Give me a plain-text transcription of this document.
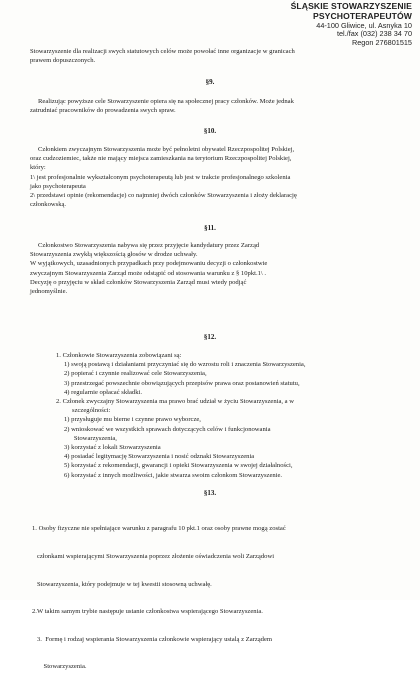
ŚLĄSKIE STOWARZYSZENIE
PSYCHOTERAPEUTÓW
44-100 Gliwice, ul. Asnyka 10
tel./fax (032) 238 34 70
Regon 276801515
Stowarzyszenie dla realizacji swych statutowych celów może powołać inne organizacje w granicach
prawem dopuszczonych.
§9.
Realizując powyższe cele Stowarzyszenie opiera się na społecznej pracy członków. Może jednak
zatrudniać pracowników do prowadzenia swych spraw.
§10.
Członkiem zwyczajnym Stowarzyszenia może być pełnoletni obywatel Rzeczpospolitej Polskiej,
oraz cudzoziemiec, także nie mający miejsca zamieszkania na terytorium Rzeczpospolitej Polskiej,
który:
1\ jest profesjonalnie wykształconym psychoterapeutą lub jest w trakcie profesjonalnego szkolenia
jako psychoterapeuta
2\ przedstawi opinie (rekomendacje) co najmniej dwóch członków Stowarzyszenia i złoży deklarację
członkowską.
§11.
Członkostwo Stowarzyszenia nabywa się przez przyjęcie kandydatury przez Zarząd
Stowarzyszenia zwykłą większością głosów w drodze uchwały.
W wyjątkowych, uzasadnionych przypadkach przy podejmowaniu decyzji o członkostwie
zwyczajnym Stowarzyszenia Zarząd może odstąpić od stosowania warunku z § 10pkt.1\ .
Decyzję o przyjęciu w skład członków Stowarzyszenia Zarząd musi wtedy podjąć
jednomyślnie.
§12.
1. Członkowie Stowarzyszenia zobowiązani są:
1) swoją postawą i działaniami przyczyniać się do wzrostu roli i znaczenia Stowarzyszenia,
2) popierać i czynnie realizować cele Stowarzyszenia,
3) przestrzegać powszechnie obowiązujących przepisów prawa oraz postanowień statutu,
4) regularnie opłacać składki.
2. Członek zwyczajny Stowarzyszenia ma prawo brać udział w życiu Stowarzyszenia, a w
szczególności:
1) przysługuje mu bierne i czynne prawo wyborcze,
2) wnioskować we wszystkich sprawach dotyczących celów i funkcjonowania
Stowarzyszenia,
3) korzystać z lokali Stowarzyszenia
4) posiadać legitymację Stowarzyszenia i nosić odznaki Stowarzyszenia
5) korzystać z rekomendacji, gwarancji i opieki Stowarzyszenia w swojej działalności,
6) korzystać z innych możliwości, jakie stwarza swoim członkom Stowarzyszenie.
§13.

1. Osoby fizyczne nie spełniające warunku z paragrafu 10 pkt.1 oraz osoby prawne mogą zostać

członkami wspierającymi Stowarzyszenia poprzez złożenie oświadczenia woli Zarządowi

Stowarzyszenia, który podejmuje w tej kwestii stosowną uchwałę.

2.W takim samym trybie następuje ustanie członkostwa wspierającego Stowarzyszenia.

3.  Formę i rodzaj wspierania Stowarzyszenia członkowie wspierający ustalą z Zarządem

Stowarzyszenia.
